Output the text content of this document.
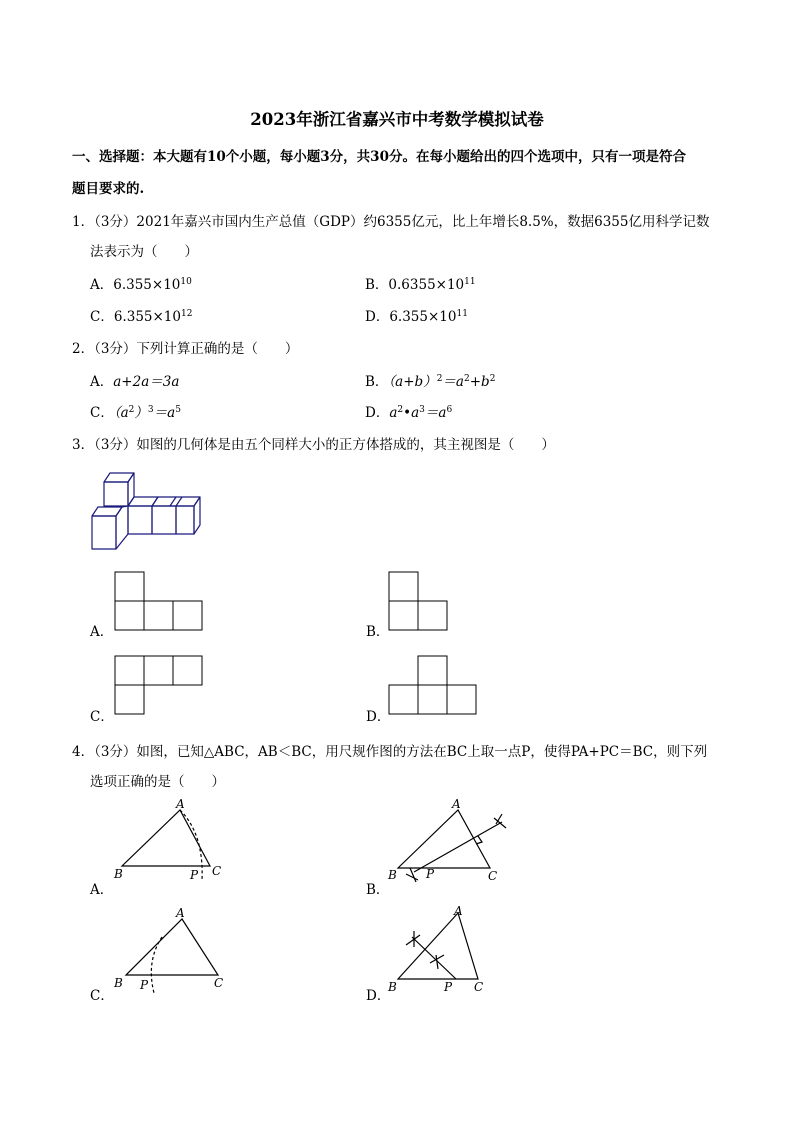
2023年浙江省嘉兴市中考数学模拟试卷
一、选择题：本大题有10个小题，每小题3分，共30分。在每小题给出的四个选项中，只有一项是符合
题目要求的.
1．（3分）2021年嘉兴市国内生产总值（GDP）约6355亿元，比上年增长8.5%，数据6355亿用科学记数
法表示为（　　）
A．$6.355\times 10^{10}$	B．$0.6355\times 10^{11}$
C．$6.355\times 10^{12}$	D．$6.355\times 10^{11}$
2．（3分）下列计算正确的是（　　）
A．a+2a＝3a	B．$(a+b)^2=a^2+b^2$
C．$(a^2)^3=a^5$	D．$a^2•a^3=a^6$
3．（3分）如图的几何体是由五个同样大小的正方体搭成的，其主视图是（　　）
A．	B．
C．	D．
4．（3分）如图，已知△ABC，AB＜BC，用尺规作图的方法在BC上取一点P，使得PA+PC＝BC，则下列
选项正确的是（　　）
A．
A
B	C
P
B．
A
B	C
P
C．
A
B	C
P
D．
A
B	C
P
